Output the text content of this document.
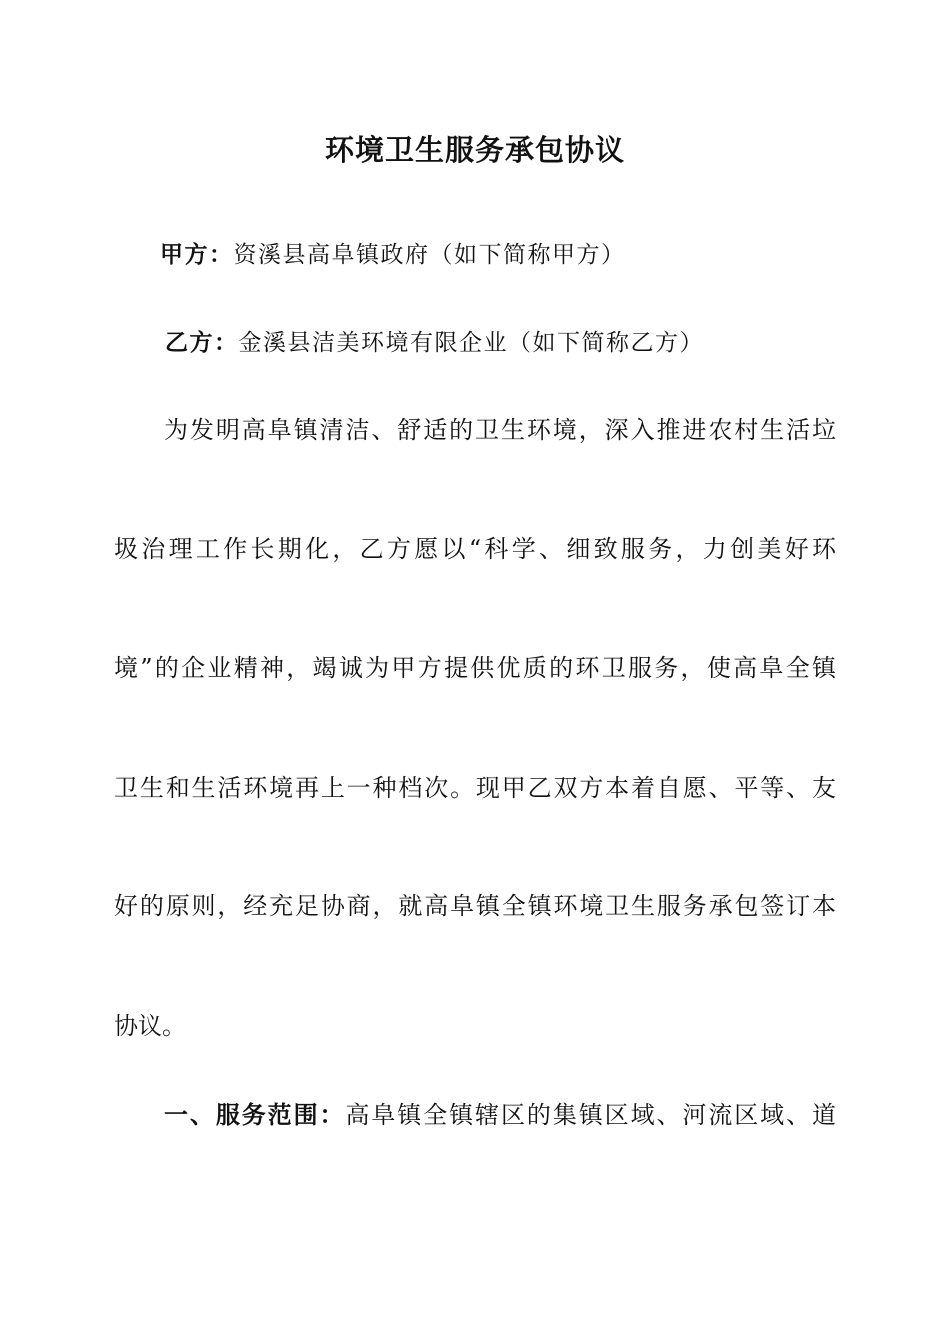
环境卫生服务承包协议
甲方：资溪县高阜镇政府（如下简称甲方）
乙方：金溪县洁美环境有限企业（如下简称乙方）
为发明高阜镇清洁、舒适的卫生环境，深入推进农村生活垃
圾治理工作长期化，乙方愿以“科学、细致服务，力创美好环
境”的企业精神，竭诚为甲方提供优质的环卫服务，使高阜全镇
卫生和生活环境再上一种档次。现甲乙双方本着自愿、平等、友
好的原则，经充足协商，就高阜镇全镇环境卫生服务承包签订本
协议。
一、服务范围：高阜镇全镇辖区的集镇区域、河流区域、道
